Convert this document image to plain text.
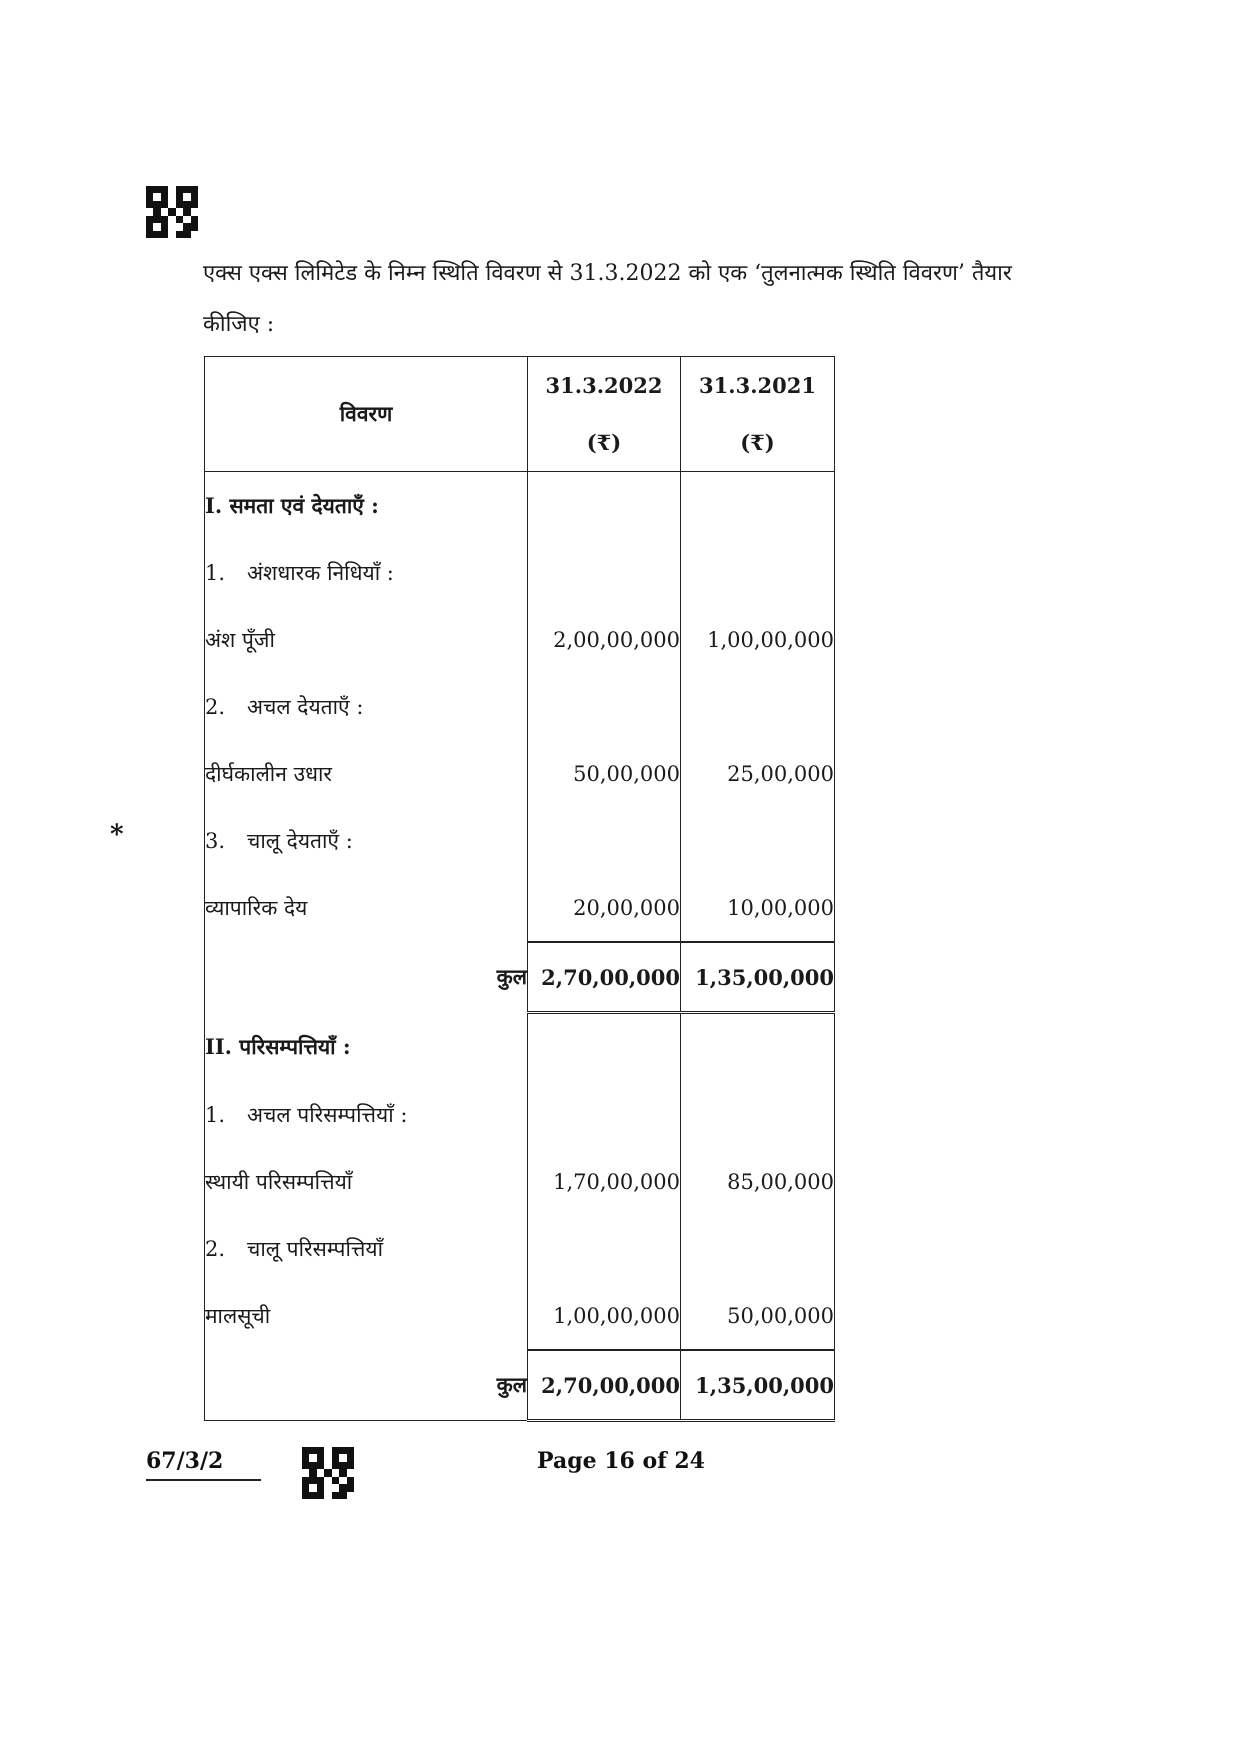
एक्स एक्स लिमिटेड के निम्न स्थिति विवरण से 31.3.2022 को एक ‘तुलनात्मक स्थिति विवरण’ तैयार
कीजिए :
*
विवरण	31.3.2022	31.3.2021
	(₹)	(₹)
I. समता एवं देयताएँ :		
1. अंशधारक निधियाँ :		
अंश पूँजी	2,00,00,000	1,00,00,000
2. अचल देयताएँ :		
दीर्घकालीन उधार	50,00,000	25,00,000
3. चालू देयताएँ :		
व्यापारिक देय	20,00,000	10,00,000
कुल	2,70,00,000	1,35,00,000
II. परिसम्पत्तियाँ :		
1. अचल परिसम्पत्तियाँ :		
स्थायी परिसम्पत्तियाँ	1,70,00,000	85,00,000
2. चालू परिसम्पत्तियाँ		
मालसूची	1,00,00,000	50,00,000
कुल	2,70,00,000	1,35,00,000
67/3/2	Page 16 of 24
